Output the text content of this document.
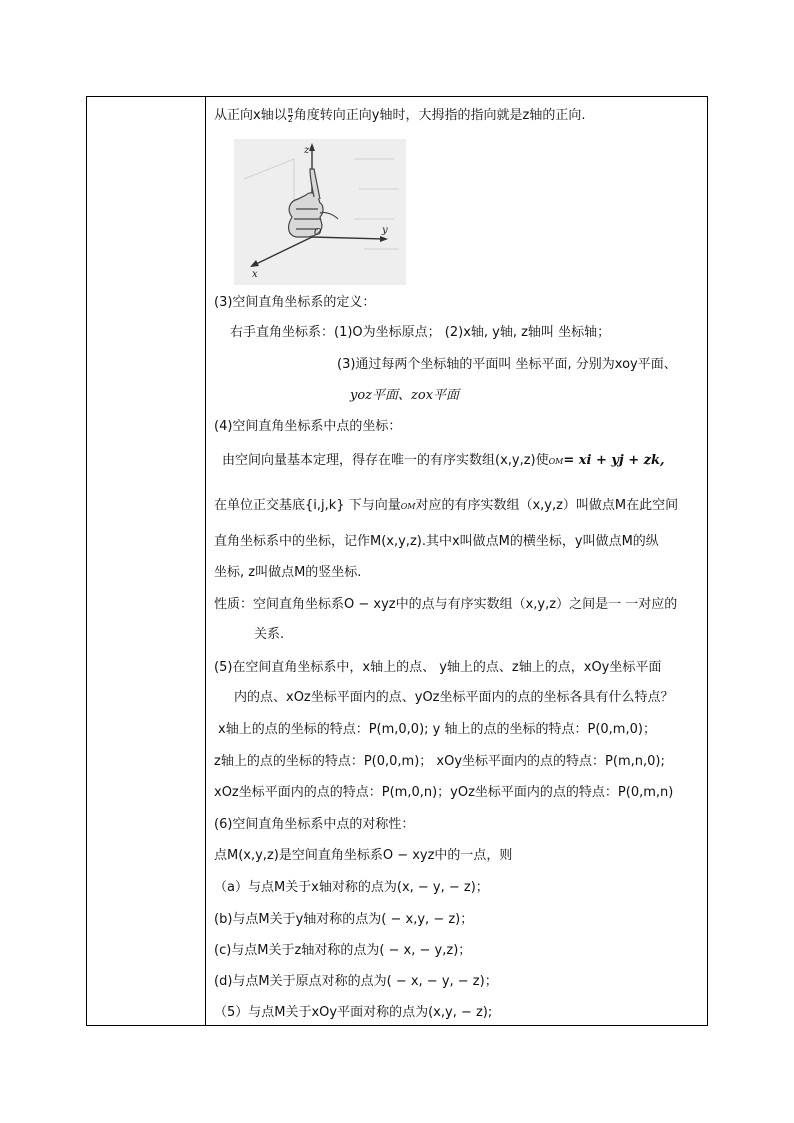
从正向x轴以 $\frac{\pi}{2}$ 角度转向正向y轴时，大拇指的指向就是z轴的正向.
z
y
x
O
(3)空间直角坐标系的定义：
右手直角坐标系：(1)O为坐标原点； (2)x轴, y轴, z轴叫 坐标轴；
(3)通过每两个坐标轴的平面叫 坐标平面, 分别为xoy平面、
yoz平面、zox平面
(4)空间直角坐标系中点的坐标：
由空间向量基本定理，得存在唯一的有序实数组(x,y,z)使OM= xi + yj + zk,
在单位正交基底{i,j,k} 下与向量OM对应的有序实数组（x,y,z）叫做点M在此空间
直角坐标系中的坐标，记作M(x,y,z).其中x叫做点M的横坐标，y叫做点M的纵
坐标, z叫做点M的竖坐标.
性质：空间直角坐标系O − xyz中的点与有序实数组（x,y,z）之间是一 一对应的
关系.
(5)在空间直角坐标系中，x轴上的点、 y轴上的点、z轴上的点，xOy坐标平面
内的点、xOz坐标平面内的点、yOz坐标平面内的点的坐标各具有什么特点？
x轴上的点的坐标的特点：P(m,0,0); y 轴上的点的坐标的特点：P(0,m,0)；
z轴上的点的坐标的特点：P(0,0,m)； xOy坐标平面内的点的特点：P(m,n,0);
xOz坐标平面内的点的特点：P(m,0,n)；yOz坐标平面内的点的特点：P(0,m,n)
(6)空间直角坐标系中点的对称性：
点M(x,y,z)是空间直角坐标系O − xyz中的一点，则
（a）与点M关于x轴对称的点为(x, − y, − z)；
(b)与点M关于y轴对称的点为( − x,y, − z)；
(c)与点M关于z轴对称的点为( − x, − y,z)；
(d)与点M关于原点对称的点为( − x, − y, − z)；
（5）与点M关于xOy平面对称的点为(x,y, − z);
